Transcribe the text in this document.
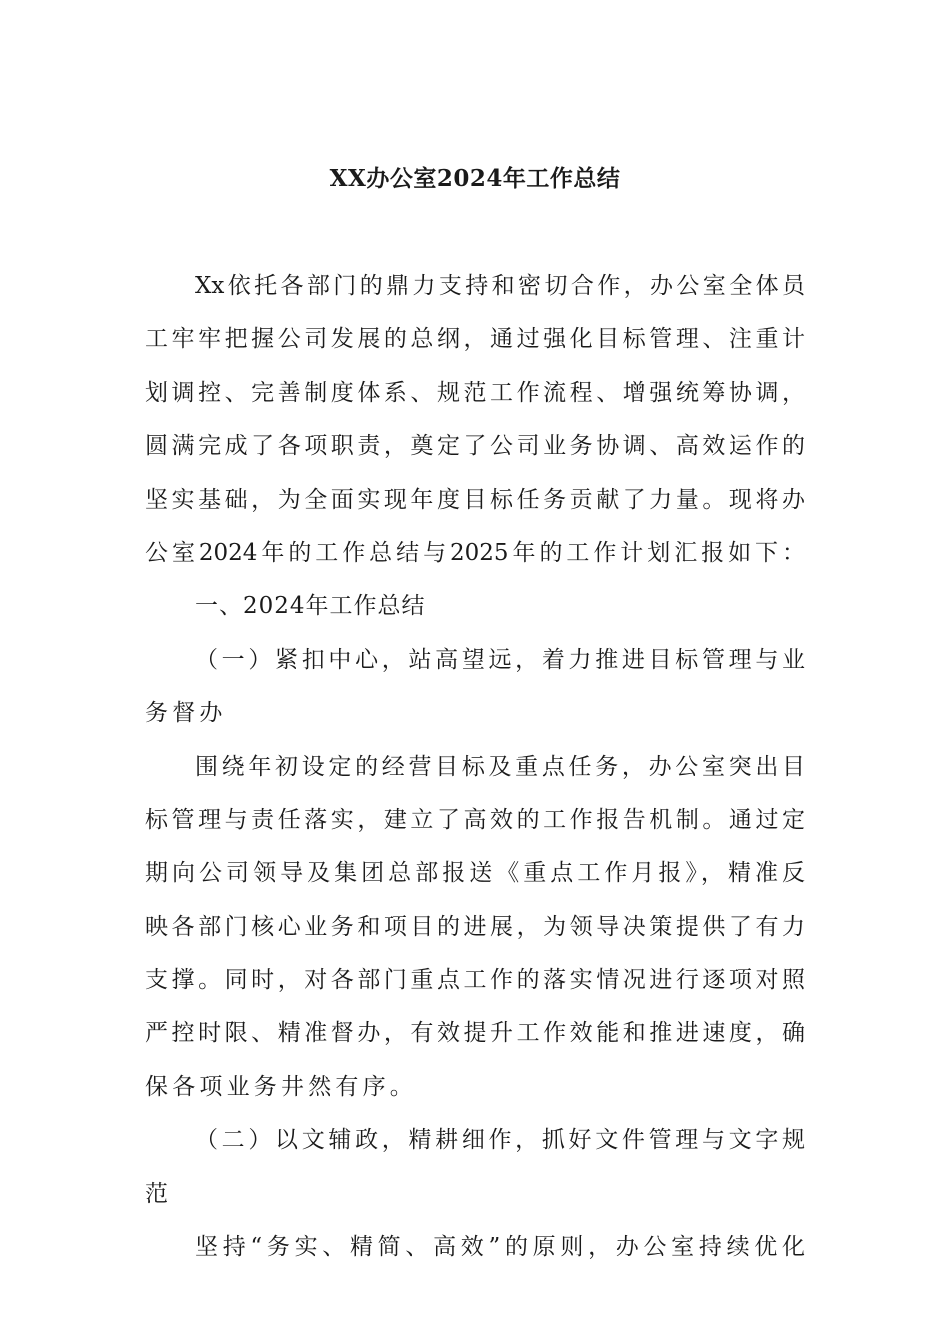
XX办公室2024年工作总结
Xx依托各部门的鼎力支持和密切合作，办公室全体员
工牢牢把握公司发展的总纲，通过强化目标管理、注重计
划调控、完善制度体系、规范工作流程、增强统筹协调，
圆满完成了各项职责，奠定了公司业务协调、高效运作的
坚实基础，为全面实现年度目标任务贡献了力量。现将办
公室2024年的工作总结与2025年的工作计划汇报如下：
一、2024年工作总结
（一）紧扣中心，站高望远，着力推进目标管理与业
务督办
围绕年初设定的经营目标及重点任务，办公室突出目
标管理与责任落实，建立了高效的工作报告机制。通过定
期向公司领导及集团总部报送《重点工作月报》，精准反
映各部门核心业务和项目的进展，为领导决策提供了有力
支撑。同时，对各部门重点工作的落实情况进行逐项对照
严控时限、精准督办，有效提升工作效能和推进速度，确
保各项业务井然有序。
（二）以文辅政，精耕细作，抓好文件管理与文字规
范
坚持“务实、精简、高效”的原则，办公室持续优化
